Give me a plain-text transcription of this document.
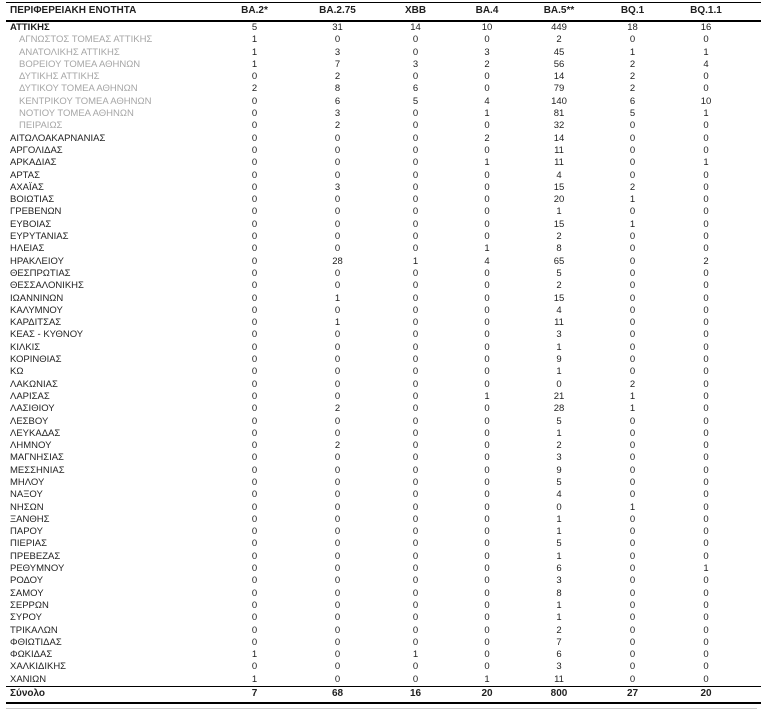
ΠΕΡΙΦΕΡΕΙΑΚΗ ΕΝΟΤΗΤΑ	BA.2*	BA.2.75	XBB	BA.4	BA.5**	BQ.1	BQ.1.1
ΑΤΤΙΚΗΣ	5	31	14	10	449	18	16
ΑΓΝΩΣΤΟΣ ΤΟΜΕΑΣ ΑΤΤΙΚΗΣ	1	0	0	0	2	0	0
ΑΝΑΤΟΛΙΚΗΣ ΑΤΤΙΚΗΣ	1	3	0	3	45	1	1
ΒΟΡΕΙΟΥ ΤΟΜΕΑ ΑΘΗΝΩΝ	1	7	3	2	56	2	4
ΔΥΤΙΚΗΣ ΑΤΤΙΚΗΣ	0	2	0	0	14	2	0
ΔΥΤΙΚΟΥ ΤΟΜΕΑ ΑΘΗΝΩΝ	2	8	6	0	79	2	0
ΚΕΝΤΡΙΚΟΥ ΤΟΜΕΑ ΑΘΗΝΩΝ	0	6	5	4	140	6	10
ΝΟΤΙΟΥ ΤΟΜΕΑ ΑΘΗΝΩΝ	0	3	0	1	81	5	1
ΠΕΙΡΑΙΩΣ	0	2	0	0	32	0	0
ΑΙΤΩΛΟΑΚΑΡΝΑΝΙΑΣ	0	0	0	2	14	0	0
ΑΡΓΟΛΙΔΑΣ	0	0	0	0	11	0	0
ΑΡΚΑΔΙΑΣ	0	0	0	1	11	0	1
ΑΡΤΑΣ	0	0	0	0	4	0	0
ΑΧΑΪΑΣ	0	3	0	0	15	2	0
ΒΟΙΩΤΙΑΣ	0	0	0	0	20	1	0
ΓΡΕΒΕΝΩΝ	0	0	0	0	1	0	0
ΕΥΒΟΙΑΣ	0	0	0	0	15	1	0
ΕΥΡΥΤΑΝΙΑΣ	0	0	0	0	2	0	0
ΗΛΕΙΑΣ	0	0	0	1	8	0	0
ΗΡΑΚΛΕΙΟΥ	0	28	1	4	65	0	2
ΘΕΣΠΡΩΤΙΑΣ	0	0	0	0	5	0	0
ΘΕΣΣΑΛΟΝΙΚΗΣ	0	0	0	0	2	0	0
ΙΩΑΝΝΙΝΩΝ	0	1	0	0	15	0	0
ΚΑΛΥΜΝΟΥ	0	0	0	0	4	0	0
ΚΑΡΔΙΤΣΑΣ	0	1	0	0	11	0	0
ΚΕΑΣ - ΚΥΘΝΟΥ	0	0	0	0	3	0	0
ΚΙΛΚΙΣ	0	0	0	0	1	0	0
ΚΟΡΙΝΘΙΑΣ	0	0	0	0	9	0	0
ΚΩ	0	0	0	0	1	0	0
ΛΑΚΩΝΙΑΣ	0	0	0	0	0	2	0
ΛΑΡΙΣΑΣ	0	0	0	1	21	1	0
ΛΑΣΙΘΙΟΥ	0	2	0	0	28	1	0
ΛΕΣΒΟΥ	0	0	0	0	5	0	0
ΛΕΥΚΑΔΑΣ	0	0	0	0	1	0	0
ΛΗΜΝΟΥ	0	2	0	0	2	0	0
ΜΑΓΝΗΣΙΑΣ	0	0	0	0	3	0	0
ΜΕΣΣΗΝΙΑΣ	0	0	0	0	9	0	0
ΜΗΛΟΥ	0	0	0	0	5	0	0
ΝΑΞΟΥ	0	0	0	0	4	0	0
ΝΗΣΩΝ	0	0	0	0	0	1	0
ΞΑΝΘΗΣ	0	0	0	0	1	0	0
ΠΑΡΟΥ	0	0	0	0	1	0	0
ΠΙΕΡΙΑΣ	0	0	0	0	5	0	0
ΠΡΕΒΕΖΑΣ	0	0	0	0	1	0	0
ΡΕΘΥΜΝΟΥ	0	0	0	0	6	0	1
ΡΟΔΟΥ	0	0	0	0	3	0	0
ΣΑΜΟΥ	0	0	0	0	8	0	0
ΣΕΡΡΩΝ	0	0	0	0	1	0	0
ΣΥΡΟΥ	0	0	0	0	1	0	0
ΤΡΙΚΑΛΩΝ	0	0	0	0	2	0	0
ΦΘΙΩΤΙΔΑΣ	0	0	0	0	7	0	0
ΦΩΚΙΔΑΣ	1	0	1	0	6	0	0
ΧΑΛΚΙΔΙΚΗΣ	0	0	0	0	3	0	0
ΧΑΝΙΩΝ	1	0	0	1	11	0	0
Σύνολο	7	68	16	20	800	27	20
